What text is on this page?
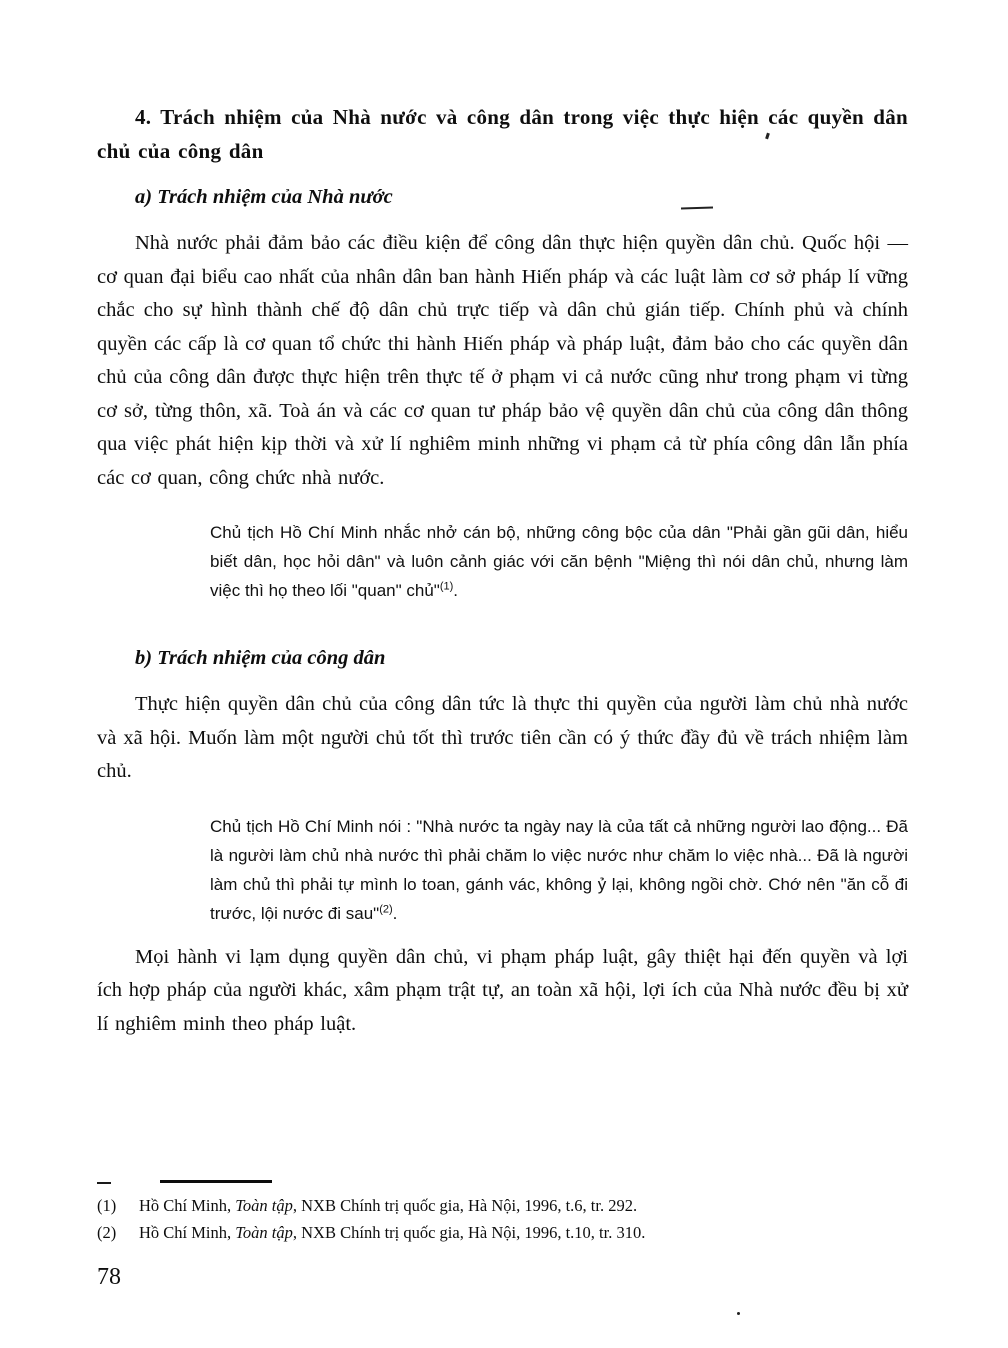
4. Trách nhiệm của Nhà nước và công dân trong việc thực hiện các quyền dân chủ của công dân
a) Trách nhiệm của Nhà nước

Nhà nước phải đảm bảo các điều kiện để công dân thực hiện quyền dân chủ. Quốc hội — cơ quan đại biểu cao nhất của nhân dân ban hành Hiến pháp và các luật làm cơ sở pháp lí vững chắc cho sự hình thành chế độ dân chủ trực tiếp và dân chủ gián tiếp. Chính phủ và chính quyền các cấp là cơ quan tổ chức thi hành Hiến pháp và pháp luật, đảm bảo cho các quyền dân chủ của công dân được thực hiện trên thực tế ở phạm vi cả nước cũng như trong phạm vi từng cơ sở, từng thôn, xã. Toà án và các cơ quan tư pháp bảo vệ quyền dân chủ của công dân thông qua việc phát hiện kịp thời và xử lí nghiêm minh những vi phạm cả từ phía công dân lẫn phía các cơ quan, công chức nhà nước.

Chủ tịch Hồ Chí Minh nhắc nhở cán bộ, những công bộc của dân "Phải gần gũi dân, hiểu biết dân, học hỏi dân" và luôn cảnh giác với căn bệnh "Miệng thì nói dân chủ, nhưng làm việc thì họ theo lối "quan" chủ"$^{(1)}$.

b) Trách nhiệm của công dân

Thực hiện quyền dân chủ của công dân tức là thực thi quyền của người làm chủ nhà nước và xã hội. Muốn làm một người chủ tốt thì trước tiên cần có ý thức đầy đủ về trách nhiệm làm chủ.

Chủ tịch Hồ Chí Minh nói : "Nhà nước ta ngày nay là của tất cả những người lao động... Đã là người làm chủ nhà nước thì phải chăm lo việc nước như chăm lo việc nhà... Đã là người làm chủ thì phải tự mình lo toan, gánh vác, không ỷ lại, không ngồi chờ. Chớ nên "ăn cỗ đi trước, lội nước đi sau"$^{(2)}$.

Mọi hành vi lạm dụng quyền dân chủ, vi phạm pháp luật, gây thiệt hại đến quyền và lợi ích hợp pháp của người khác, xâm phạm trật tự, an toàn xã hội, lợi ích của Nhà nước đều bị xử lí nghiêm minh theo pháp luật.

(1) Hồ Chí Minh, Toàn tập, NXB Chính trị quốc gia, Hà Nội, 1996, t.6, tr. 292.
(2) Hồ Chí Minh, Toàn tập, NXB Chính trị quốc gia, Hà Nội, 1996, t.10, tr. 310.
78
